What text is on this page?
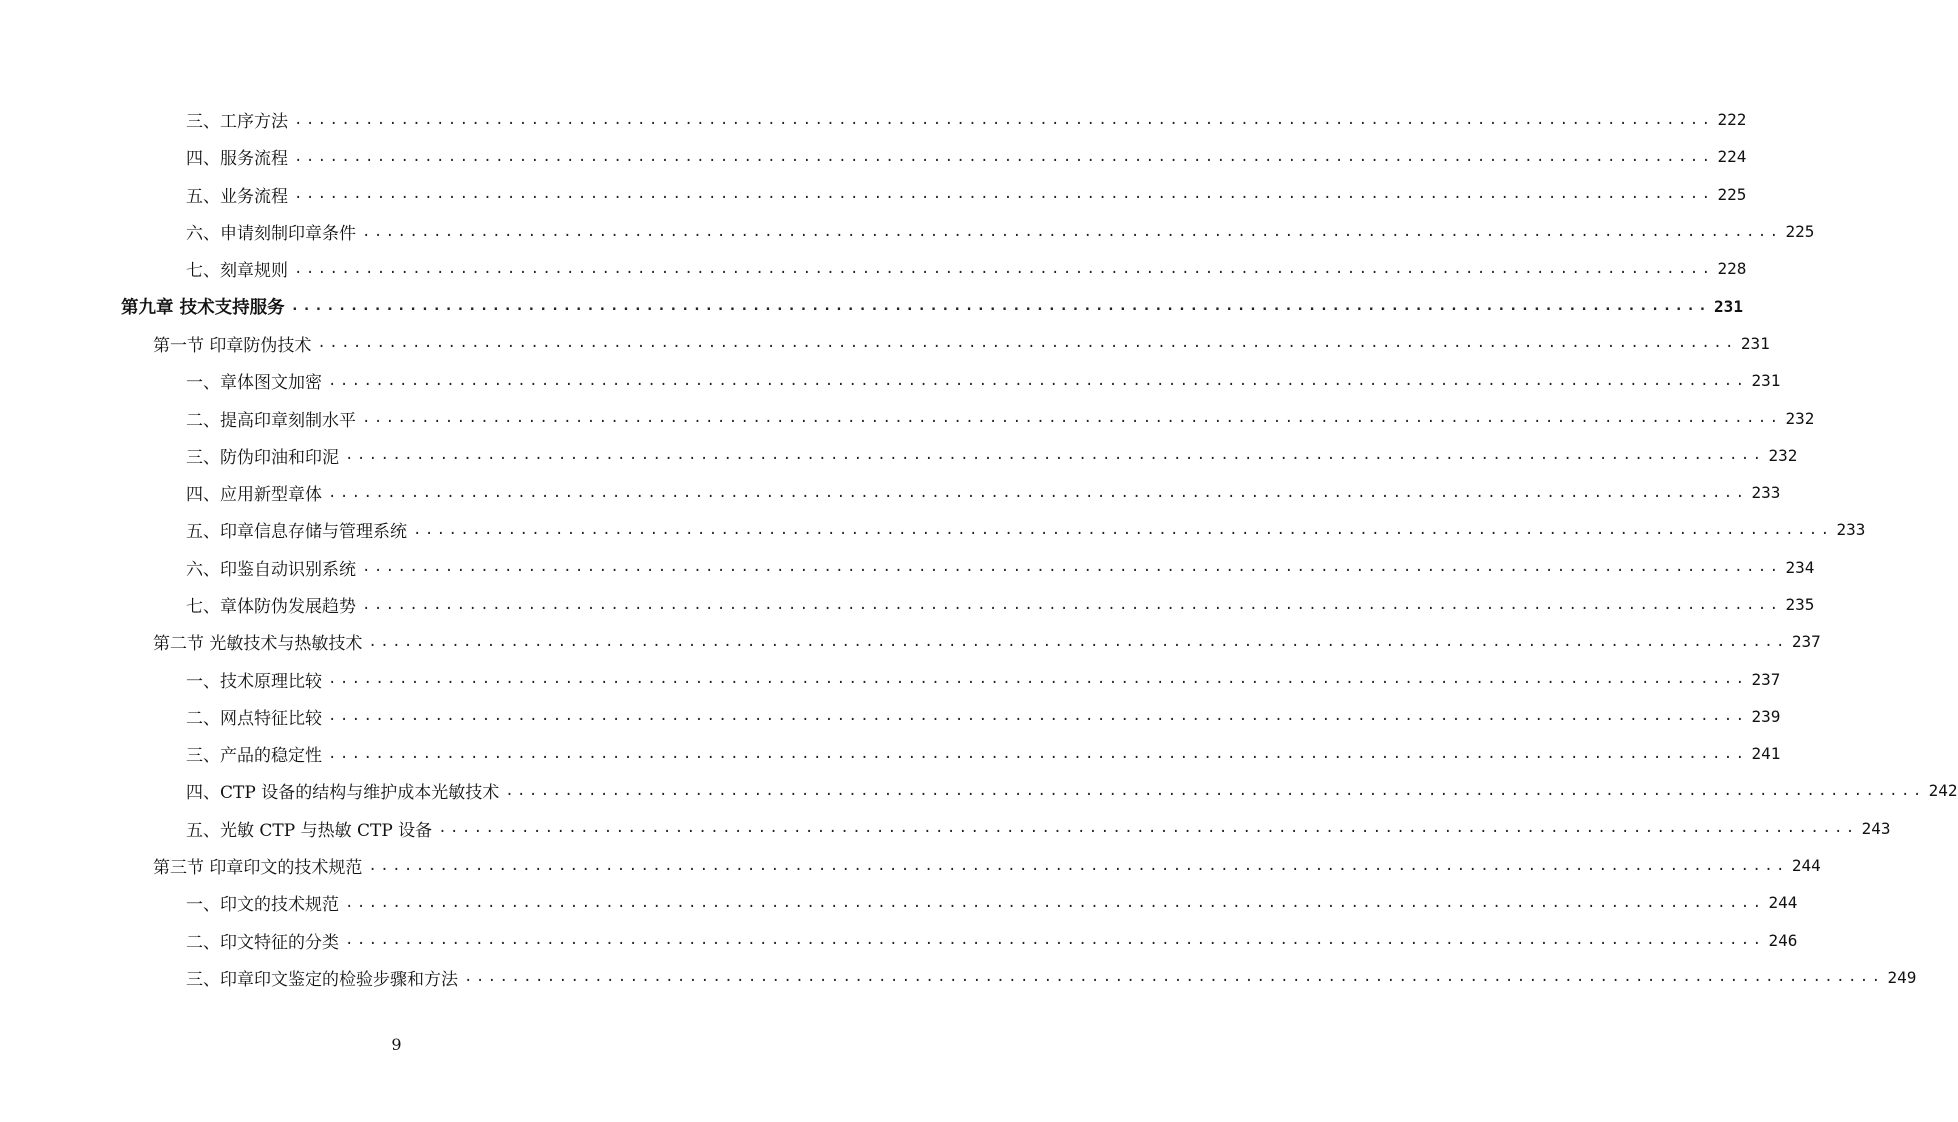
三、工序方法 ........................................................................................................................ 222
四、服务流程 ........................................................................................................................ 224
五、业务流程 ........................................................................................................................ 225
六、申请刻制印章条件 ........................................................................................................................ 225
七、刻章规则 ........................................................................................................................ 228
第九章 技术支持服务 ........................................................................................................................ 231
第一节 印章防伪技术 ........................................................................................................................ 231
一、章体图文加密 ........................................................................................................................ 231
二、提高印章刻制水平 ........................................................................................................................ 232
三、防伪印油和印泥 ........................................................................................................................ 232
四、应用新型章体 ........................................................................................................................ 233
五、印章信息存储与管理系统 ........................................................................................................................ 233
六、印鉴自动识别系统 ........................................................................................................................ 234
七、章体防伪发展趋势 ........................................................................................................................ 235
第二节 光敏技术与热敏技术 ........................................................................................................................ 237
一、技术原理比较 ........................................................................................................................ 237
二、网点特征比较 ........................................................................................................................ 239
三、产品的稳定性 ........................................................................................................................ 241
四、CTP 设备的结构与维护成本光敏技术 ........................................................................................................................ 242
五、光敏 CTP 与热敏 CTP 设备 ........................................................................................................................ 243
第三节 印章印文的技术规范 ........................................................................................................................ 244
一、印文的技术规范 ........................................................................................................................ 244
二、印文特征的分类 ........................................................................................................................ 246
三、印章印文鉴定的检验步骤和方法 ........................................................................................................................ 249
9
